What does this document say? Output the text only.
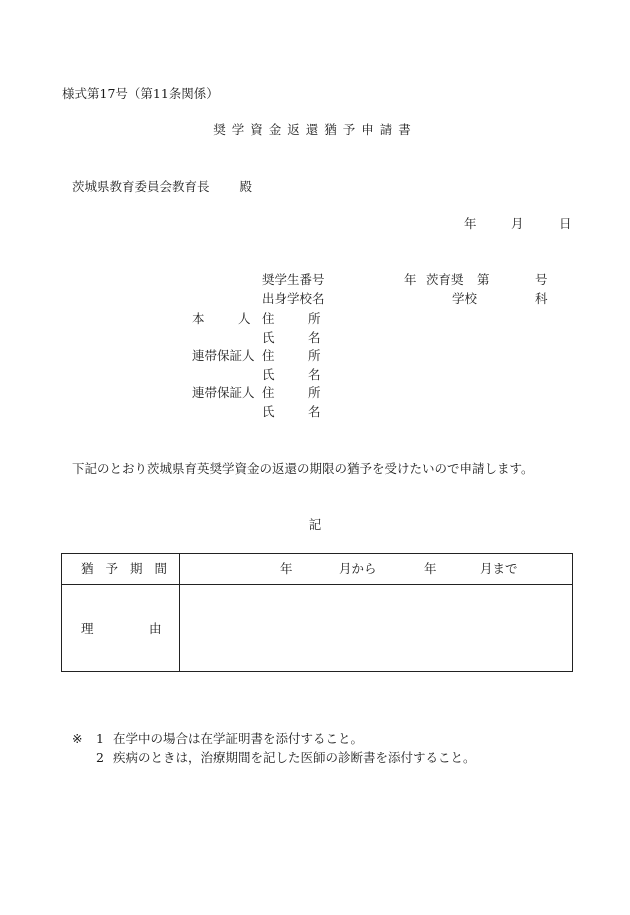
様式第17号（第11条関係）
奨学資金返還猶予申請書
茨城県教育委員会教育長 殿
年	月	日
奨学生番号	年 茨育奨 第	号
出身学校名	学校	科
本	人 住	所
氏	名
連帯保証人 住	所
氏	名
連帯保証人 住	所
氏	名
下記のとおり茨城県育英奨学資金の返還の期限の猶予を受けたいので申請します。
記
猶予期間	年 月から 年 月まで

理 由	

※ 1 在学中の場合は在学証明書を添付すること。
2 疾病のときは，治療期間を記した医師の診断書を添付すること。
